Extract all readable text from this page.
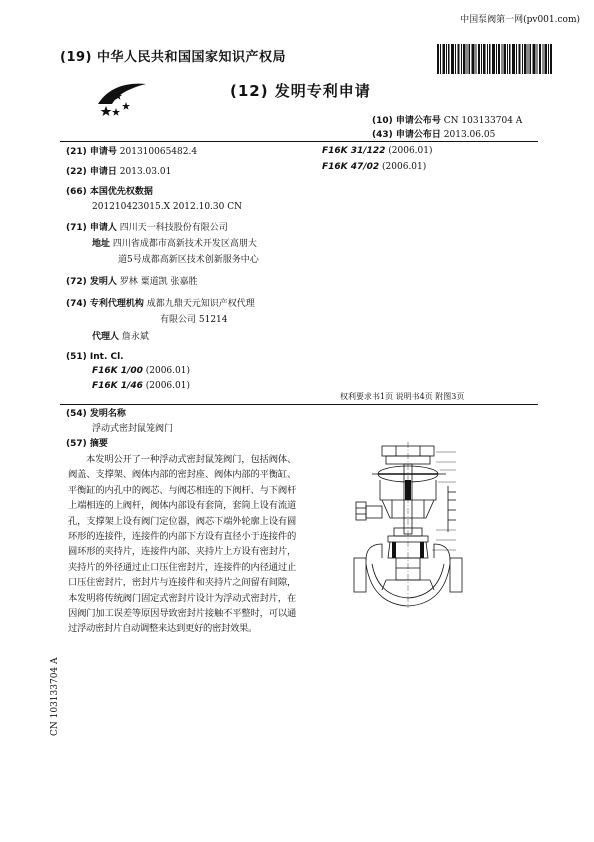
中国泵阀第一网(pv001.com)
(19) 中华人民共和国国家知识产权局
(12) 发明专利申请
(10) 申请公布号 CN 103133704 A
(43) 申请公布日 2013.06.05
(21) 申请号 201310065482.4
(22) 申请日 2013.03.01
(66) 本国优先权数据
201210423015.X 2012.10.30 CN
(71) 申请人 四川天一科技股份有限公司
地址 四川省成都市高新技术开发区高朋大
道5号成都高新区技术创新服务中心
(72) 发明人 罗林 粟道凯 张嘉胜
(74) 专利代理机构 成都九鼎天元知识产权代理
有限公司 51214
代理人 詹永斌
(51) Int. Cl.
F16K 1/00 (2006.01)
F16K 1/46 (2006.01)
F16K 31/122 (2006.01)
F16K 47/02 (2006.01)
权利要求书1页 说明书4页 附图3页
(54) 发明名称
浮动式密封鼠笼阀门
(57) 摘要
本发明公开了一种浮动式密封鼠笼阀门，包括阀体、阀盖、支撑架、阀体内部的密封座、阀体内部的平衡缸、平衡缸的内孔中的阀芯、与阀芯相连的下阀杆、与下阀杆上端相连的上阀杆，阀体内部设有套筒，套筒上设有流道孔，支撑架上设有阀门定位器，阀芯下端外轮廓上设有圆环形的连接件，连接件的内部下方设有直径小于连接件的圆环形的夹持片，连接件内部、夹持片上方设有密封片，夹持片的外径通过止口压住密封片，连接件的内径通过止口压住密封片，密封片与连接件和夹持片之间留有间隙，本发明将传统阀门固定式密封片设计为浮动式密封片，在因阀门加工误差等原因导致密封片接触不平整时，可以通过浮动密封片自动调整来达到更好的密封效果。
CN 103133704 A
